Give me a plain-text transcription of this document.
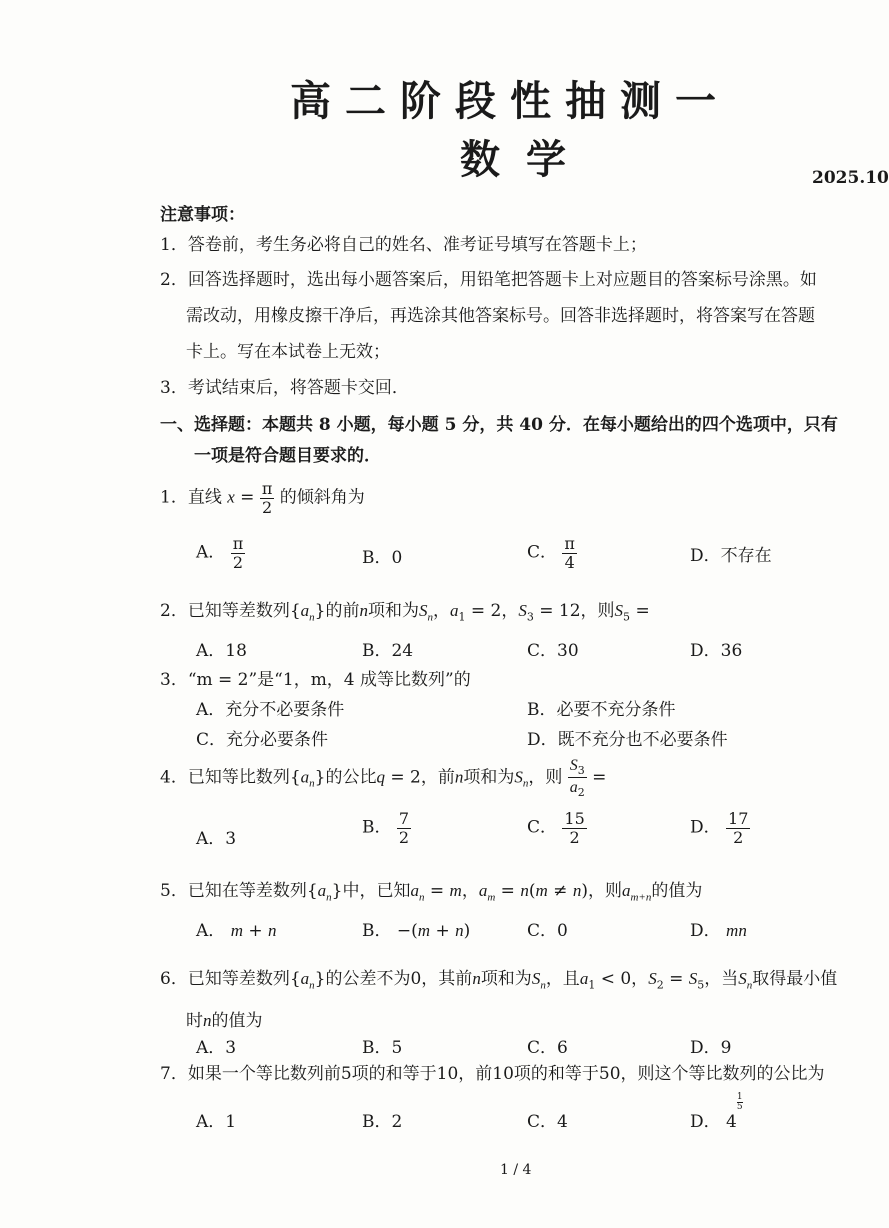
高二阶段性抽测一
数学	2025.10
注意事项：
1．答卷前，考生务必将自己的姓名、准考证号填写在答题卡上；
2．回答选择题时，选出每小题答案后，用铅笔把答题卡上对应题目的答案标号涂黑。如
需改动，用橡皮擦干净后，再选涂其他答案标号。回答非选择题时，将答案写在答题
卡上。写在本试卷上无效；
3．考试结束后，将答题卡交回．
一、选择题：本题共 8 小题，每小题 5 分，共 40 分．在每小题给出的四个选项中，只有
一项是符合题目要求的．
1．直线 $x = \frac{\pi}{2}$ 的倾斜角为
A． $\frac{\pi}{2}$	B．0	C． $\frac{\pi}{4}$	D．不存在
2．已知等差数列$\{a_n\}$的前n项和为$S_n$，$a_1 = 2$，$S_3 = 12$，则$S_5$ =
A．18	B．24	C．30	D．36
3．“m = 2”是“1，m，4 成等比数列”的
A．充分不必要条件	B．必要不充分条件
C．充分必要条件	D．既不充分也不必要条件
4．已知等比数列$\{a_n\}$的公比q = 2，前n项和为$S_n$，则 $\frac{S_3}{a_2}$ =
A．3
B． $\frac{7}{2}$	C． $\frac{15}{2}$	D． $\frac{17}{2}$
5．已知在等差数列$\{a_n\}$中，已知$a_n = m$，$a_m = n(m \ne n)$，则$a_{m+n}$的值为
A． m + n	B． −(m + n)	C．0	D． mn
6．已知等差数列$\{a_n\}$的公差不为0，其前n项和为$S_n$，且$a_1 < 0$，$S_2 = S_5$，当$S_n$取得最小值
时n的值为
A．3	B．5	C．6	D．9
7．如果一个等比数列前5项的和等于10，前10项的和等于50，则这个等比数列的公比为
A．1	B．2	C．4	D． 4
$^{\frac{1}{5}}$
1 / 4
